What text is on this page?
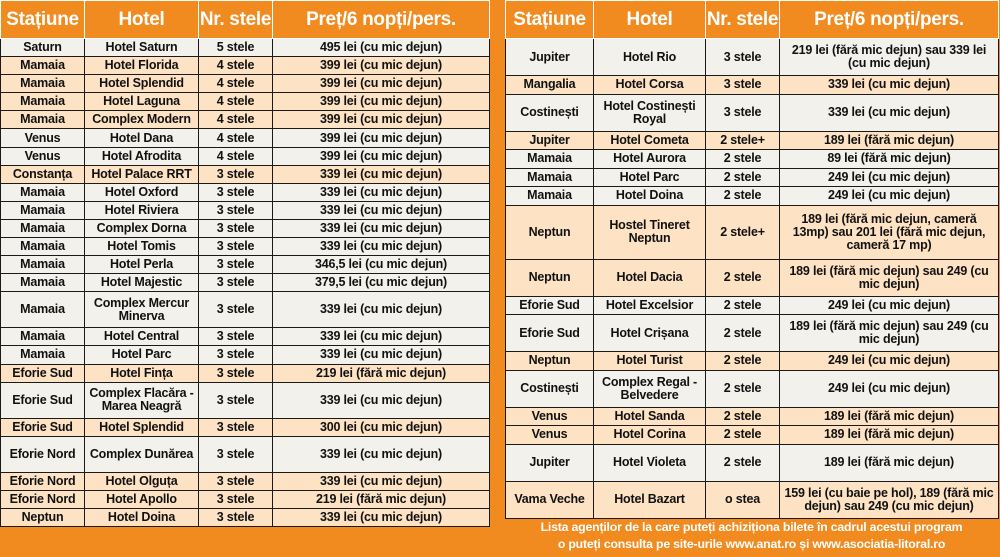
Stațiune	Hotel	Nr. stele	Preț/6 nopți/pers.
Saturn	Hotel Saturn	5 stele	495 lei (cu mic dejun)
Mamaia	Hotel Florida	4 stele	399 lei (cu mic dejun)
Mamaia	Hotel Splendid	4 stele	399 lei (cu mic dejun)
Mamaia	Hotel Laguna	4 stele	399 lei (cu mic dejun)
Mamaia	Complex Modern	4 stele	399 lei (cu mic dejun)
Venus	Hotel Dana	4 stele	399 lei (cu mic dejun)
Venus	Hotel Afrodita	4 stele	399 lei (cu mic dejun)
Constanța	Hotel Palace RRT	3 stele	339 lei (cu mic dejun)
Mamaia	Hotel Oxford	3 stele	339 lei (cu mic dejun)
Mamaia	Hotel Riviera	3 stele	339 lei (cu mic dejun)
Mamaia	Complex Dorna	3 stele	339 lei (cu mic dejun)
Mamaia	Hotel Tomis	3 stele	339 lei (cu mic dejun)
Mamaia	Hotel Perla	3 stele	346,5 lei (cu mic dejun)
Mamaia	Hotel Majestic	3 stele	379,5 lei (cu mic dejun)
Mamaia	Complex Mercur Minerva	3 stele	339 lei (cu mic dejun)
Mamaia	Hotel Central	3 stele	339 lei (cu mic dejun)
Mamaia	Hotel Parc	3 stele	339 lei (cu mic dejun)
Eforie Sud	Hotel Fința	3 stele	219 lei (fără mic dejun)
Eforie Sud	Complex Flacăra - Marea Neagră	3 stele	339 lei (cu mic dejun)
Eforie Sud	Hotel Splendid	3 stele	300 lei (cu mic dejun)
Eforie Nord	Complex Dunărea	3 stele	339 lei (cu mic dejun)
Eforie Nord	Hotel Olguța	3 stele	339 lei (cu mic dejun)
Eforie Nord	Hotel Apollo	3 stele	219 lei (fără mic dejun)
Neptun	Hotel Doina	3 stele	339 lei (cu mic dejun)
Stațiune	Hotel	Nr. stele	Preț/6 nopți/pers.
Jupiter	Hotel Rio	3 stele	219 lei (fără mic dejun) sau 339 lei (cu mic dejun)
Mangalia	Hotel Corsa	3 stele	339 lei (cu mic dejun)
Costinești	Hotel Costinești Royal	3 stele	339 lei (cu mic dejun)
Jupiter	Hotel Cometa	2 stele+	189 lei (fără mic dejun)
Mamaia	Hotel Aurora	2 stele	89 lei (fără mic dejun)
Mamaia	Hotel Parc	2 stele	249 lei (cu mic dejun)
Mamaia	Hotel Doina	2 stele	249 lei (cu mic dejun)
Neptun	Hostel Tineret Neptun	2 stele+	189 lei (fără mic dejun, cameră 13mp) sau 201 lei (fără mic dejun, cameră 17 mp)
Neptun	Hotel Dacia	2 stele	189 lei (fără mic dejun) sau 249 (cu mic dejun)
Eforie Sud	Hotel Excelsior	2 stele	249 lei (cu mic dejun)
Eforie Sud	Hotel Crișana	2 stele	189 lei (fără mic dejun) sau 249 (cu mic dejun)
Neptun	Hotel Turist	2 stele	249 lei (cu mic dejun)
Costinești	Complex Regal - Belvedere	2 stele	249 lei (cu mic dejun)
Venus	Hotel Sanda	2 stele	189 lei (fără mic dejun)
Venus	Hotel Corina	2 stele	189 lei (fără mic dejun)
Jupiter	Hotel Violeta	2 stele	189 lei (fără mic dejun)
Vama Veche	Hotel Bazart	o stea	159 lei (cu baie pe hol), 189 (fără mic dejun) sau 249 (cu mic dejun)
Lista agenților de la care puteți achiziționa bilete în cadrul acestui program
o puteți consulta pe site-urile www.anat.ro și www.asociatia-litoral.ro
